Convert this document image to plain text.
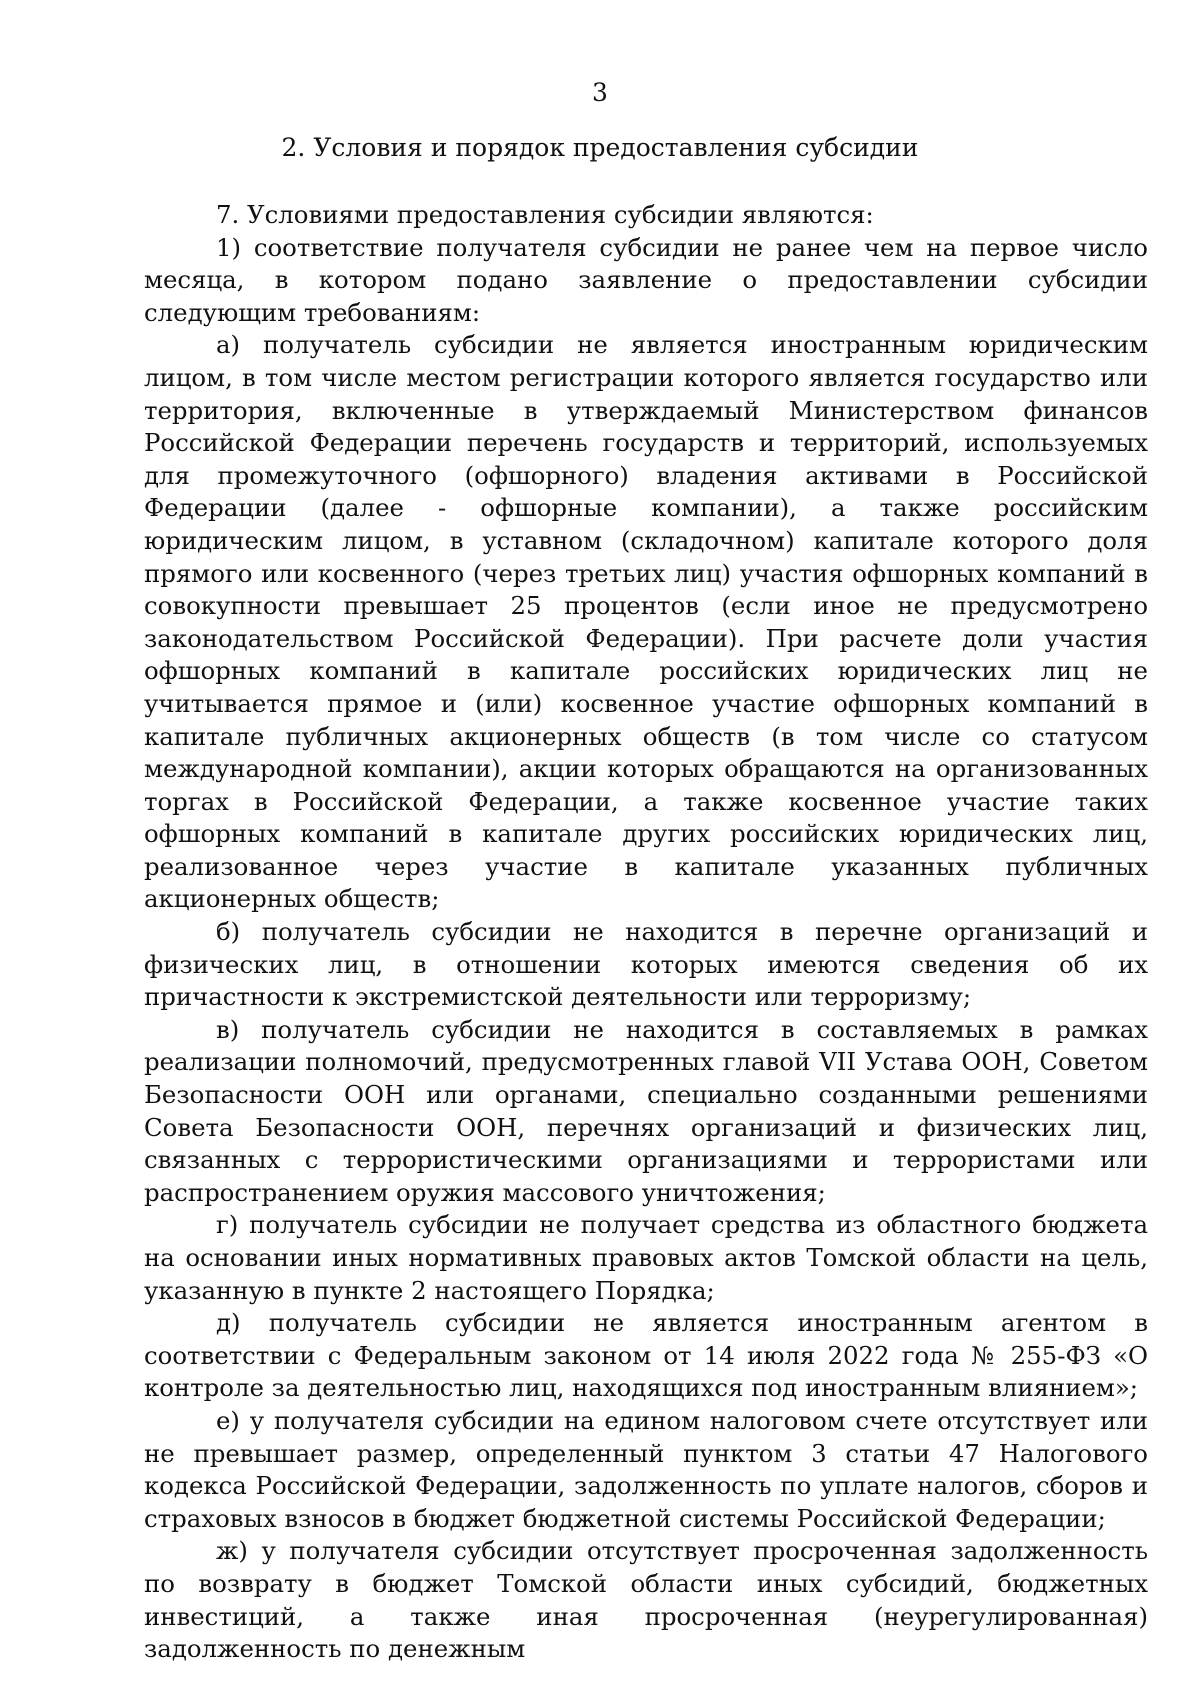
3

2. Условия и порядок предоставления субсидии

7. Условиями предоставления субсидии являются:

1) соответствие получателя субсидии не ранее чем на первое число месяца, в котором подано заявление о предоставлении субсидии следующим требованиям:

а) получатель субсидии не является иностранным юридическим лицом, в том числе местом регистрации которого является государство или территория, включенные в утверждаемый Министерством финансов Российской Федерации перечень государств и территорий, используемых для промежуточного (офшорного) владения активами в Российской Федерации (далее - офшорные компании), а также российским юридическим лицом, в уставном (складочном) капитале которого доля прямого или косвенного (через третьих лиц) участия офшорных компаний в совокупности превышает 25 процентов (если иное не предусмотрено законодательством Российской Федерации). При расчете доли участия офшорных компаний в капитале российских юридических лиц не учитывается прямое и (или) косвенное участие офшорных компаний в капитале публичных акционерных обществ (в том числе со статусом международной компании), акции которых обращаются на организованных торгах в Российской Федерации, а также косвенное участие таких офшорных компаний в капитале других российских юридических лиц, реализованное через участие в капитале указанных публичных акционерных обществ;

б) получатель субсидии не находится в перечне организаций и физических лиц, в отношении которых имеются сведения об их причастности к экстремистской деятельности или терроризму;

в) получатель субсидии не находится в составляемых в рамках реализации полномочий, предусмотренных главой VII Устава ООН, Советом Безопасности ООН или органами, специально созданными решениями Совета Безопасности ООН, перечнях организаций и физических лиц, связанных с террористическими организациями и террористами или распространением оружия массового уничтожения;

г) получатель субсидии не получает средства из областного бюджета на основании иных нормативных правовых актов Томской области на цель, указанную в пункте 2 настоящего Порядка;

д) получатель субсидии не является иностранным агентом в соответствии с Федеральным законом от 14 июля 2022 года № 255-ФЗ «О контроле за деятельностью лиц, находящихся под иностранным влиянием»;

е) у получателя субсидии на едином налоговом счете отсутствует или не превышает размер, определенный пунктом 3 статьи 47 Налогового кодекса Российской Федерации, задолженность по уплате налогов, сборов и страховых взносов в бюджет бюджетной системы Российской Федерации;

ж) у получателя субсидии отсутствует просроченная задолженность по возврату в бюджет Томской области иных субсидий, бюджетных инвестиций, а также иная просроченная (неурегулированная) задолженность по денежным
